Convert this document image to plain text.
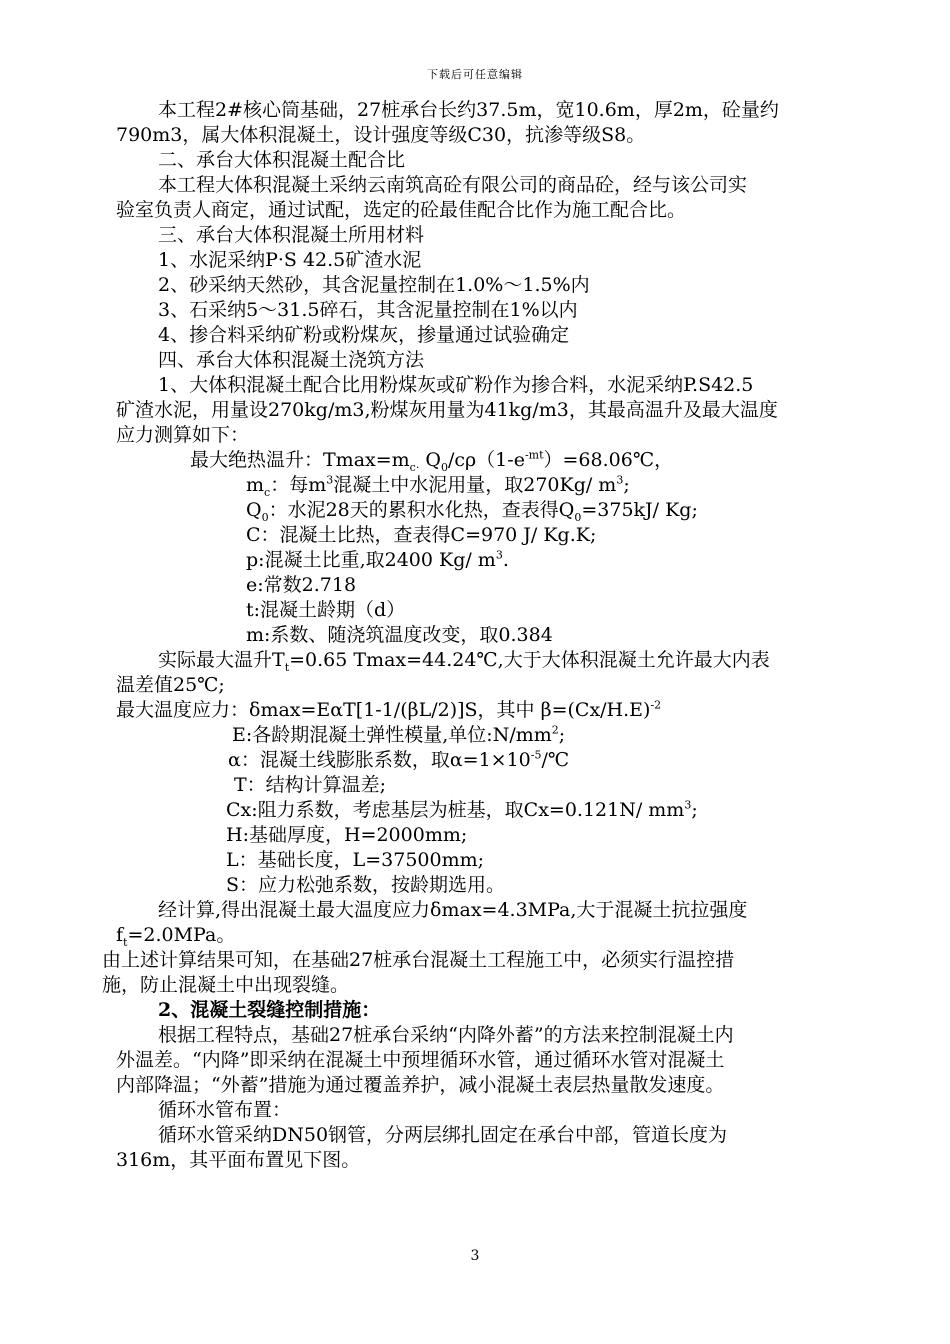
下载后可任意编辑
本工程2#核心筒基础，27桩承台长约37.5m，宽10.6m，厚2m，砼量约
790m3，属大体积混凝土，设计强度等级C30，抗渗等级S8。
二、承台大体积混凝土配合比
本工程大体积混凝土采纳云南筑高砼有限公司的商品砼，经与该公司实
验室负责人商定，通过试配，选定的砼最佳配合比作为施工配合比。
三、承台大体积混凝土所用材料
1、水泥采纳P·S 42.5矿渣水泥
2、砂采纳天然砂，其含泥量控制在1.0%～1.5%内
3、石采纳5～31.5碎石，其含泥量控制在1%以内
4、掺合料采纳矿粉或粉煤灰，掺量通过试验确定
四、承台大体积混凝土浇筑方法
1、大体积混凝土配合比用粉煤灰或矿粉作为掺合料，水泥采纳P.S42.5
矿渣水泥，用量设270kg/m3,粉煤灰用量为41kg/m3，其最高温升及最大温度
应力测算如下：
最大绝热温升：$Tmax=m_{c\cdot}$ $Q_0/c\rho(1-e^{-mt})=68.06℃$，
$m_c$：每$m^3$混凝土中水泥用量，取270Kg/ $m^3$;
$Q_0$：水泥28天的累积水化热，查表得$Q_0=375kJ/$ Kg;
C：混凝土比热，查表得C=970 J/ Kg.K;
p:混凝土比重,取2400 Kg/ $m^3$.
e:常数2.718
t:混凝土龄期（d）
m:系数、随浇筑温度改变，取0.384
实际最大温升$T_t=0.65$ Tmax=44.24℃,大于大体积混凝土允许最大内表
温差值25℃;
最大温度应力：δmax=EαT[1-1/(βL/2)]S，其中 $\beta=(Cx/H.E)^{-2}$
E:各龄期混凝土弹性模量,单位$:N/mm^2$;
α：混凝土线膨胀系数，取$\alpha=1\times 10^{-5}/℃$
T：结构计算温差;
Cx:阻力系数，考虑基层为桩基，取Cx=0.121N/ $mm^3$;
H:基础厚度，H=2000mm;
L：基础长度，L=37500mm;
S：应力松弛系数，按龄期选用。
经计算,得出混凝土最大温度应力δmax=4.3MPa,大于混凝土抗拉强度
$f_t=2.0MPa$。
由上述计算结果可知，在基础27桩承台混凝土工程施工中，必须实行温控措
施，防止混凝土中出现裂缝。
2、混凝土裂缝控制措施：
根据工程特点，基础27桩承台采纳“内降外蓄”的方法来控制混凝土内
外温差。“内降”即采纳在混凝土中预埋循环水管，通过循环水管对混凝土
内部降温；“外蓄”措施为通过覆盖养护，减小混凝土表层热量散发速度。
循环水管布置：
循环水管采纳DN50钢管，分两层绑扎固定在承台中部，管道长度为
316m，其平面布置见下图。
3
